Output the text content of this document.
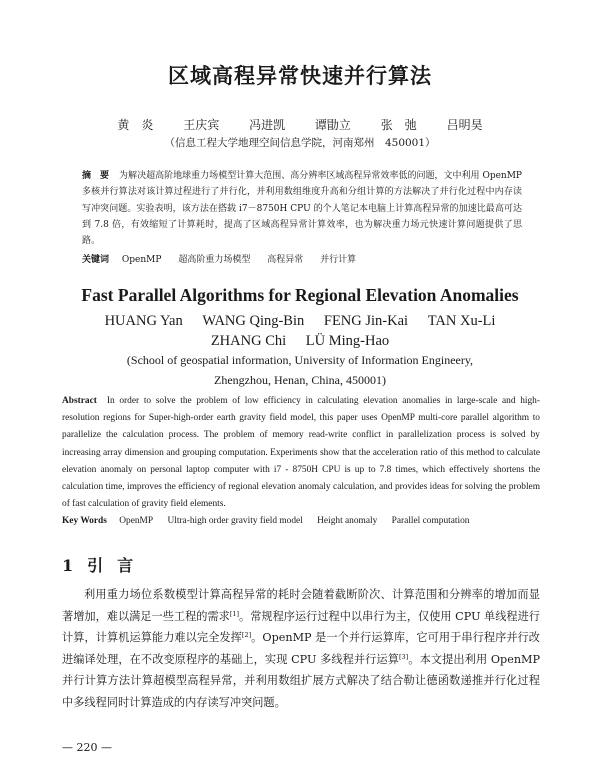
区域高程异常快速并行算法
黄　炎 王庆宾 冯进凯 谭勖立 张　弛 吕明昊
（信息工程大学地理空间信息学院，河南郑州　450001）
摘　要 为解决超高阶地球重力场模型计算大范围、高分辨率区域高程异常效率低的问题，文中利用 OpenMP 多核并行算法对该计算过程进行了并行化，并利用数组维度升高和分组计算的方法解决了并行化过程中内存读写冲突问题。实验表明，该方法在搭载 i7－8750H CPU 的个人笔记本电脑上计算高程异常的加速比最高可达到 7.8 倍，有效缩短了计算耗时，提高了区域高程异常计算效率，也为解决重力场元快速计算问题提供了思路。
关键词 OpenMP 超高阶重力场模型 高程异常 并行计算
Fast Parallel Algorithms for Regional Elevation Anomalies
HUANG Yan WANG Qing-Bin FENG Jin-Kai TAN Xu-Li
ZHANG Chi LÜ Ming-Hao
(School of geospatial information, University of Information Engineery,
Zhengzhou, Henan, China, 450001)
Abstract In order to solve the problem of low efficiency in calculating elevation anomalies in large-scale and high-resolution regions for Super-high-order earth gravity field model, this paper uses OpenMP multi-core parallel algorithm to parallelize the calculation process. The problem of memory read-write conflict in parallelization process is solved by increasing array dimension and grouping computation. Experiments show that the acceleration ratio of this method to calculate elevation anomaly on personal laptop computer with i7 - 8750H CPU is up to 7.8 times, which effectively shortens the calculation time, improves the efficiency of regional elevation anomaly calculation, and provides ideas for solving the problem of fast calculation of gravity field elements.
Key Words OpenMP Ultra-high order gravity field model Height anomaly Parallel computation
1 引 言
利用重力场位系数模型计算高程异常的耗时会随着截断阶次、计算范围和分辨率的增加而显著增加，难以满足一些工程的需求[1]。常规程序运行过程中以串行为主，仅使用 CPU 单线程进行计算，计算机运算能力难以完全发挥[2]。OpenMP 是一个并行运算库，它可用于串行程序并行改进编译处理，在不改变原程序的基础上，实现 CPU 多线程并行运算[3]。本文提出利用 OpenMP 并行计算方法计算超模型高程异常，并利用数组扩展方式解决了结合勒让德函数递推并行化过程中多线程同时计算造成的内存读写冲突问题。
— 220 —
